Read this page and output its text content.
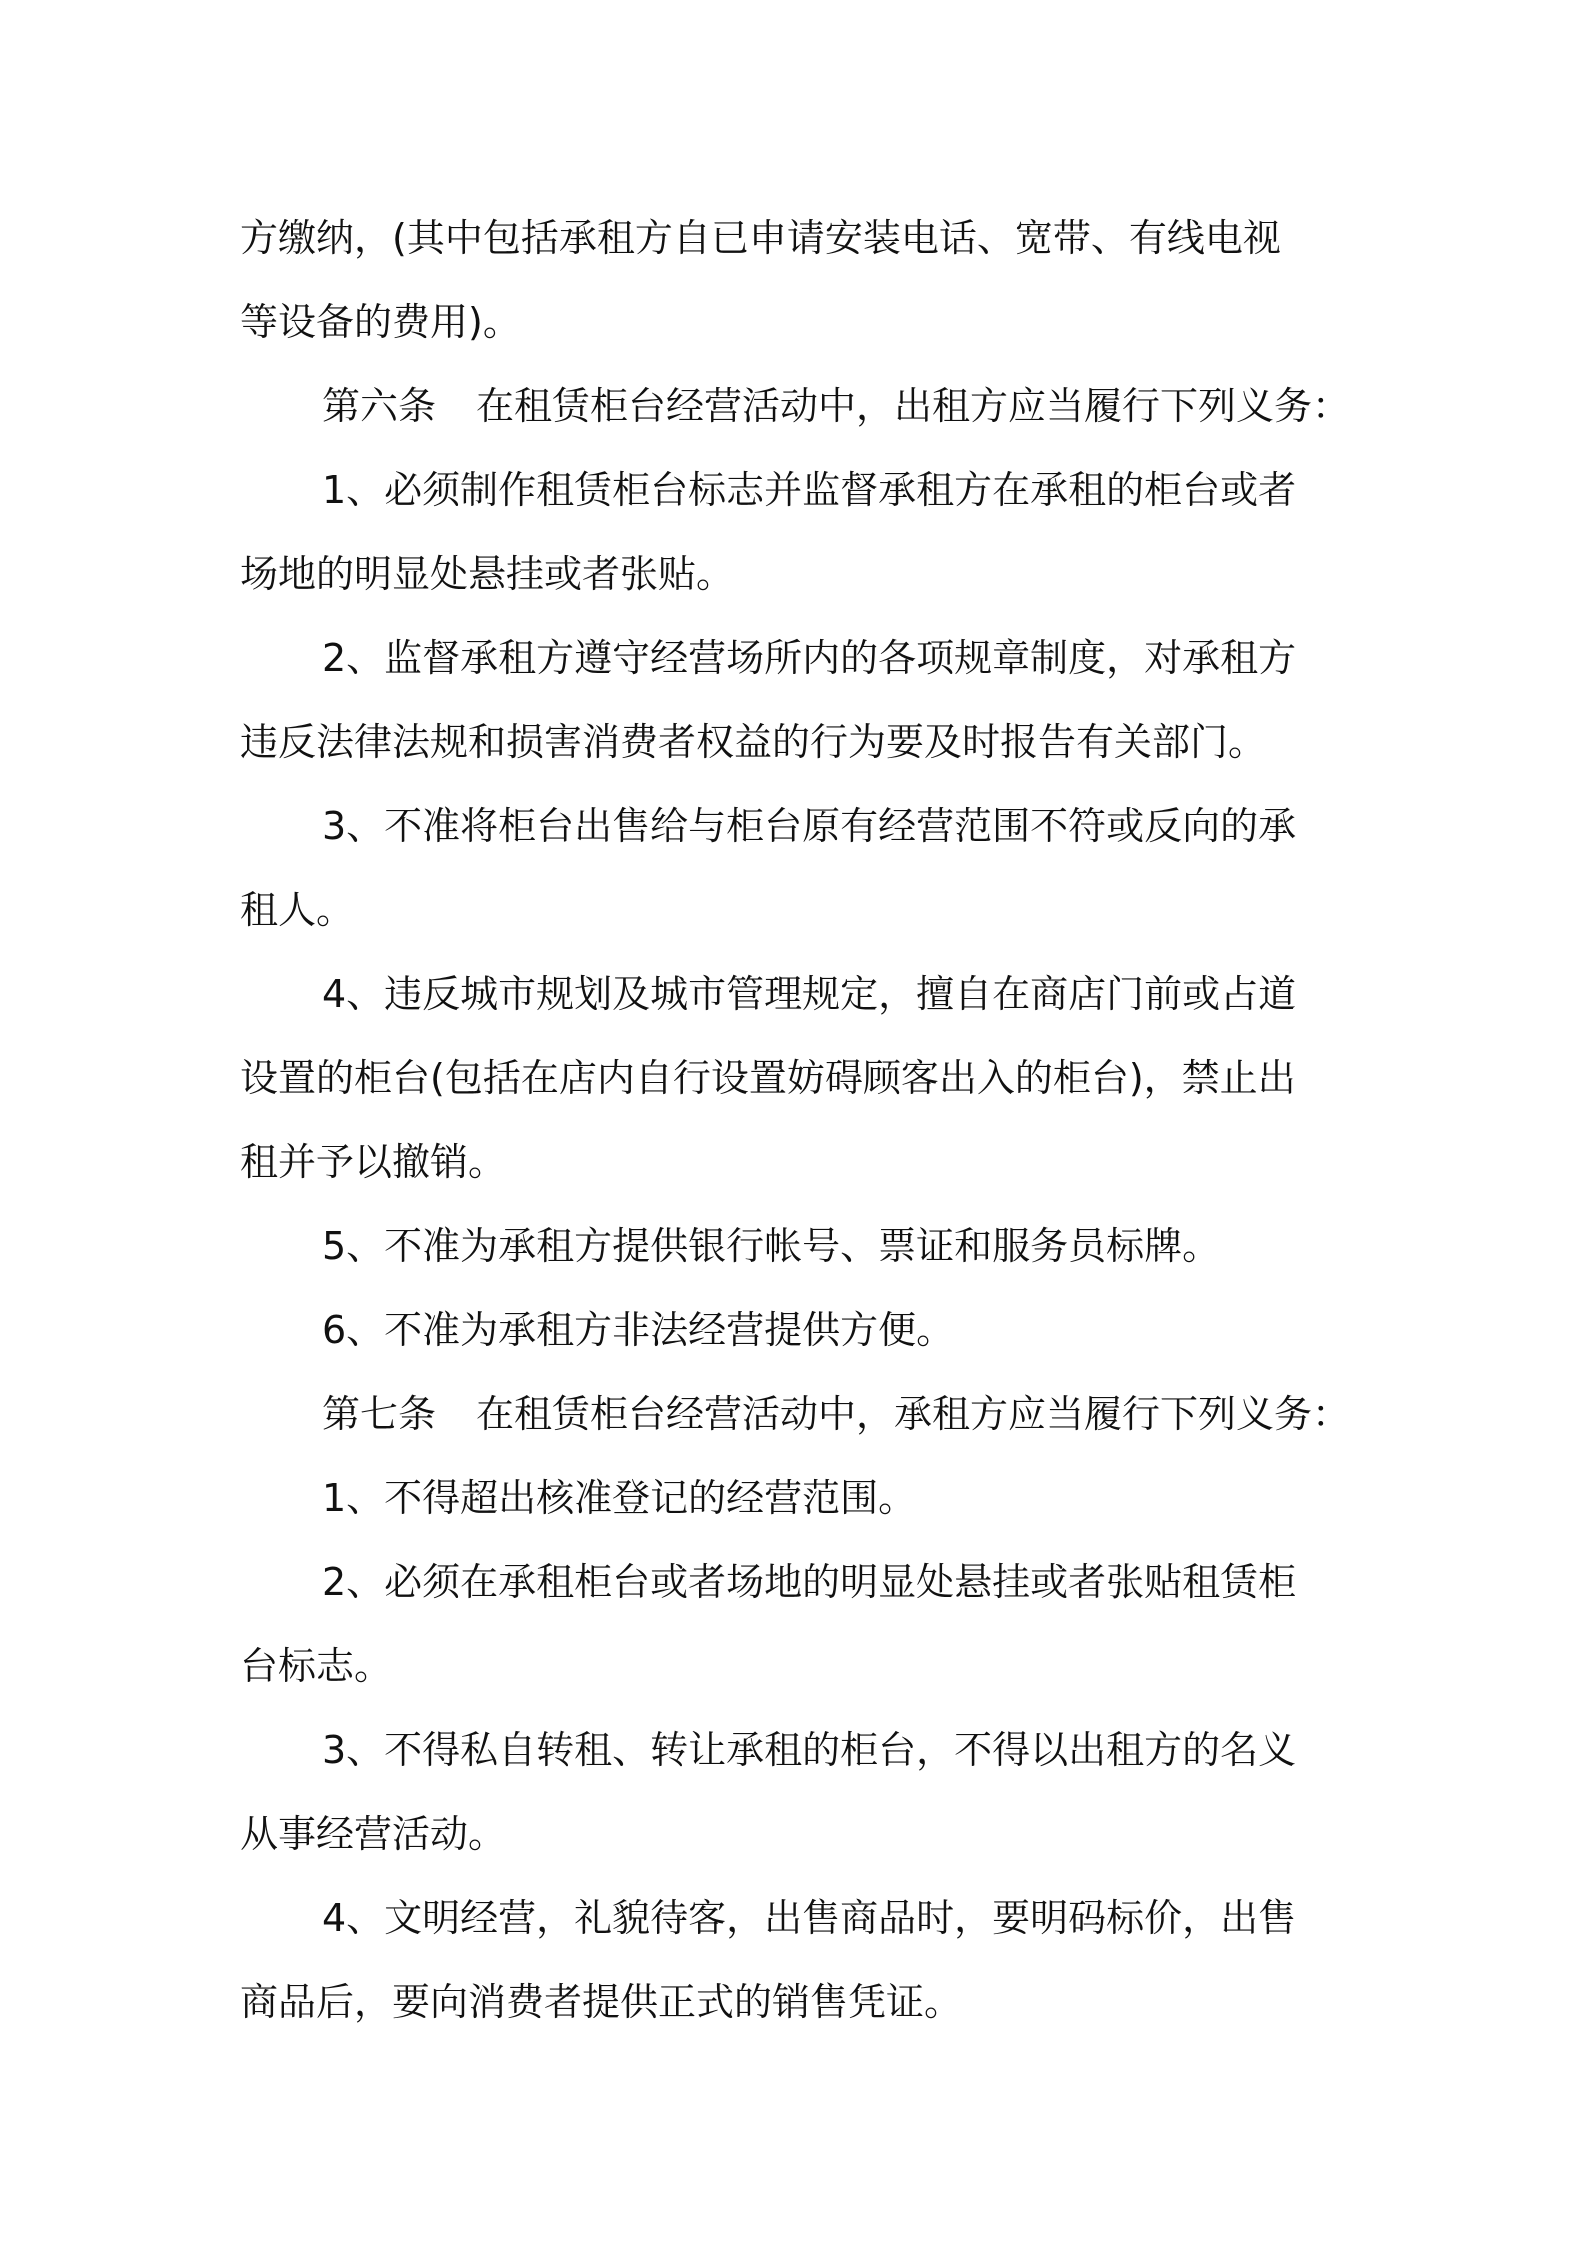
方缴纳，(其中包括承租方自已申请安装电话、宽带、有线电视
等设备的费用)。
第六条 在租赁柜台经营活动中，出租方应当履行下列义务：
1、必须制作租赁柜台标志并监督承租方在承租的柜台或者
场地的明显处悬挂或者张贴。
2、监督承租方遵守经营场所内的各项规章制度，对承租方
违反法律法规和损害消费者权益的行为要及时报告有关部门。
3、不准将柜台出售给与柜台原有经营范围不符或反向的承
租人。
4、违反城市规划及城市管理规定，擅自在商店门前或占道
设置的柜台(包括在店内自行设置妨碍顾客出入的柜台)，禁止出
租并予以撤销。
5、不准为承租方提供银行帐号、票证和服务员标牌。
6、不准为承租方非法经营提供方便。
第七条 在租赁柜台经营活动中，承租方应当履行下列义务：
1、不得超出核准登记的经营范围。
2、必须在承租柜台或者场地的明显处悬挂或者张贴租赁柜
台标志。
3、不得私自转租、转让承租的柜台，不得以出租方的名义
从事经营活动。
4、文明经营，礼貌待客，出售商品时，要明码标价，出售
商品后，要向消费者提供正式的销售凭证。
